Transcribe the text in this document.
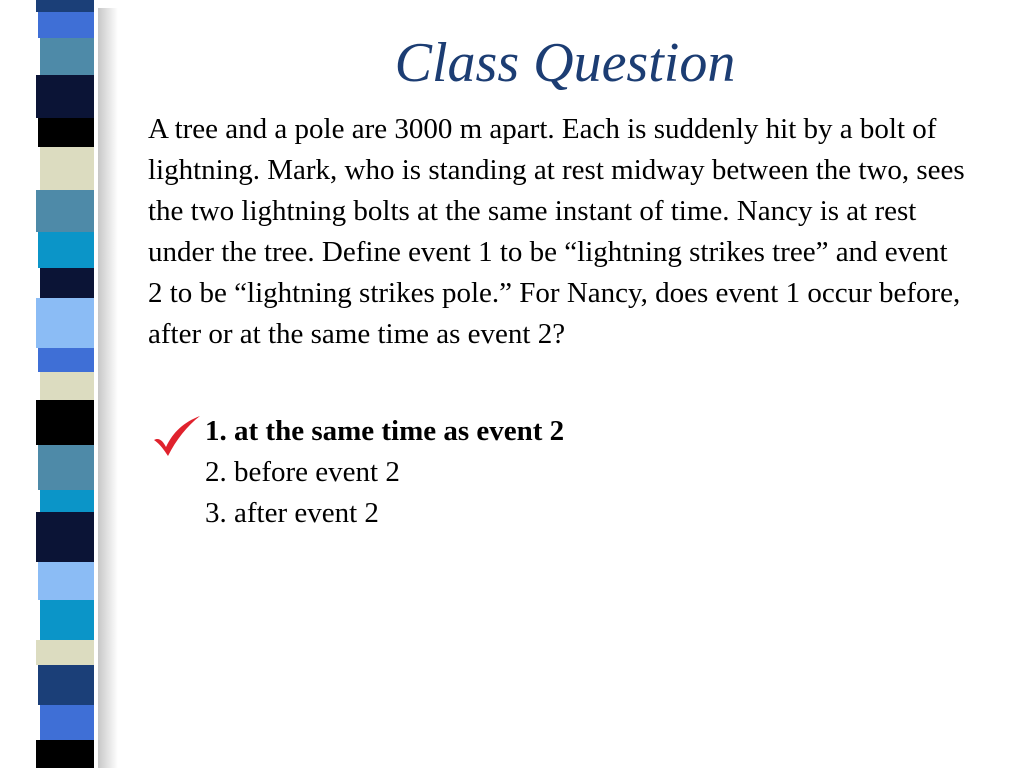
Class Question

A tree and a pole are 3000 m apart. Each is suddenly hit by a bolt of lightning. Mark, who is standing at rest midway between the two, sees the two lightning bolts at the same instant of time. Nancy is at rest under the tree. Define event 1 to be “lightning strikes tree” and event 2 to be “lightning strikes pole.” For Nancy, does event 1 occur before, after or at the same time as event 2?

1. at the same time as event 2
2. before event 2
3. after event 2
